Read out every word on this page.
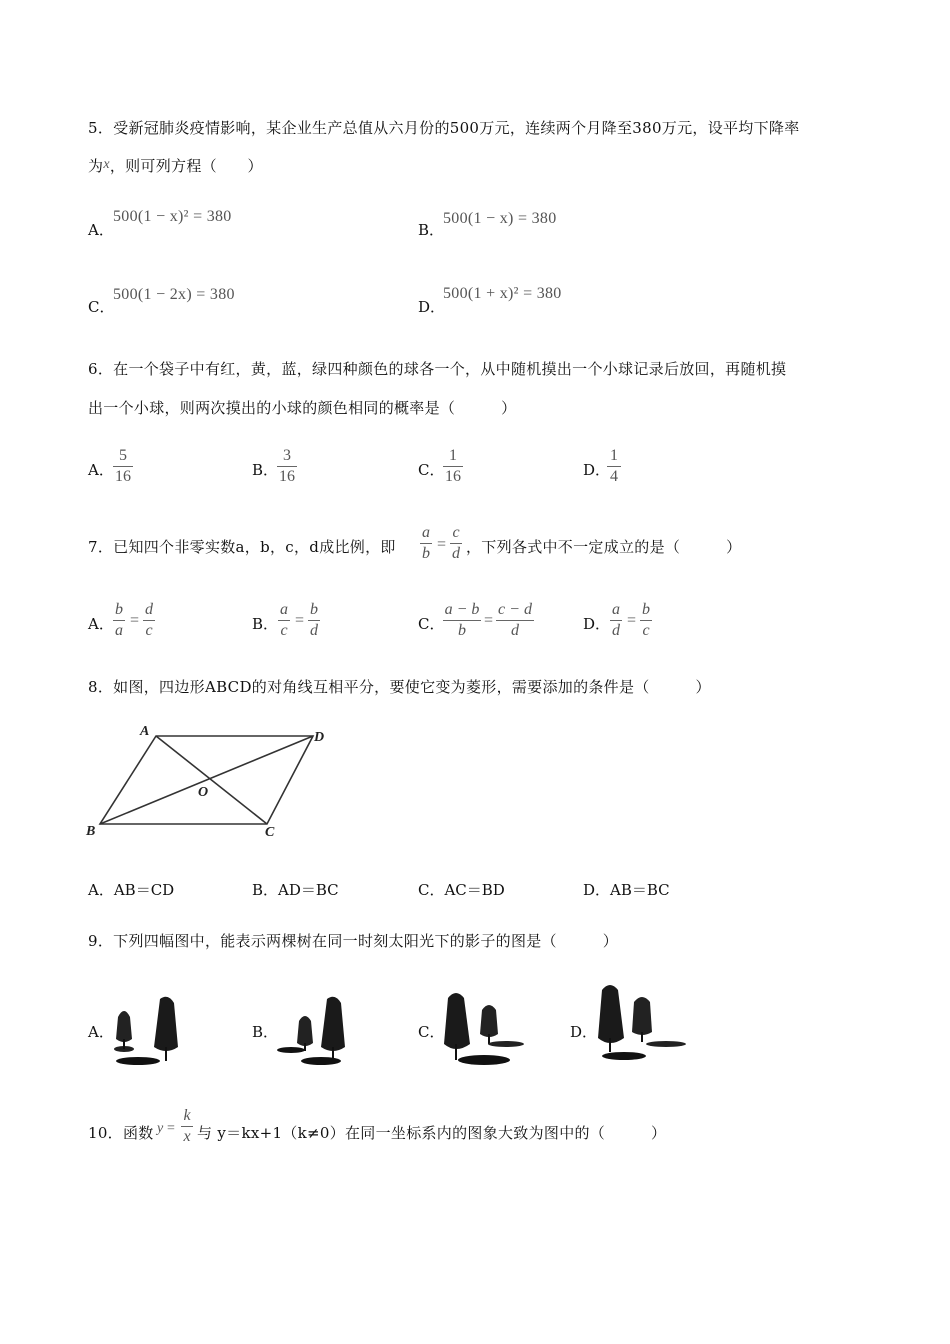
5．受新冠肺炎疫情影响，某企业生产总值从六月份的500万元，连续两个月降至380万元，设平均下降率
为x，则可列方程（　　）
A．
500(1 − x)² = 380
B．
500(1 − x) = 380
C．
500(1 − 2x) = 380
D．
500(1 + x)² = 380
6．在一个袋子中有红，黄，蓝，绿四种颜色的球各一个，从中随机摸出一个小球记录后放回，再随机摸
出一个小球，则两次摸出的小球的颜色相同的概率是（　　　）
A．
5
16	B．
3
16	C．
1
16	D．
1
4
7．已知四个非零实数a，b，c，d成比例，即
a
b
=
c
d ，下列各式中不一定成立的是（　　　）
A．
b
a
=
d
c	B．
a
c
=
b
d	C．
a − b
b
=
c − d
d	D．
a
d
=
b
c
8．如图，四边形ABCD的对角线互相平分，要使它变为菱形，需要添加的条件是（　　　）
A	D
O
B	C
A．AB＝CD	B．AD＝BC	C．AC＝BD	D．AB＝BC
9．下列四幅图中，能表示两棵树在同一时刻太阳光下的影子的图是（　　　）
A．	B．	C．	D．
10．函数 y =
k
x 与 y＝kx+1（k≠0）在同一坐标系内的图象大致为图中的（　　　）
